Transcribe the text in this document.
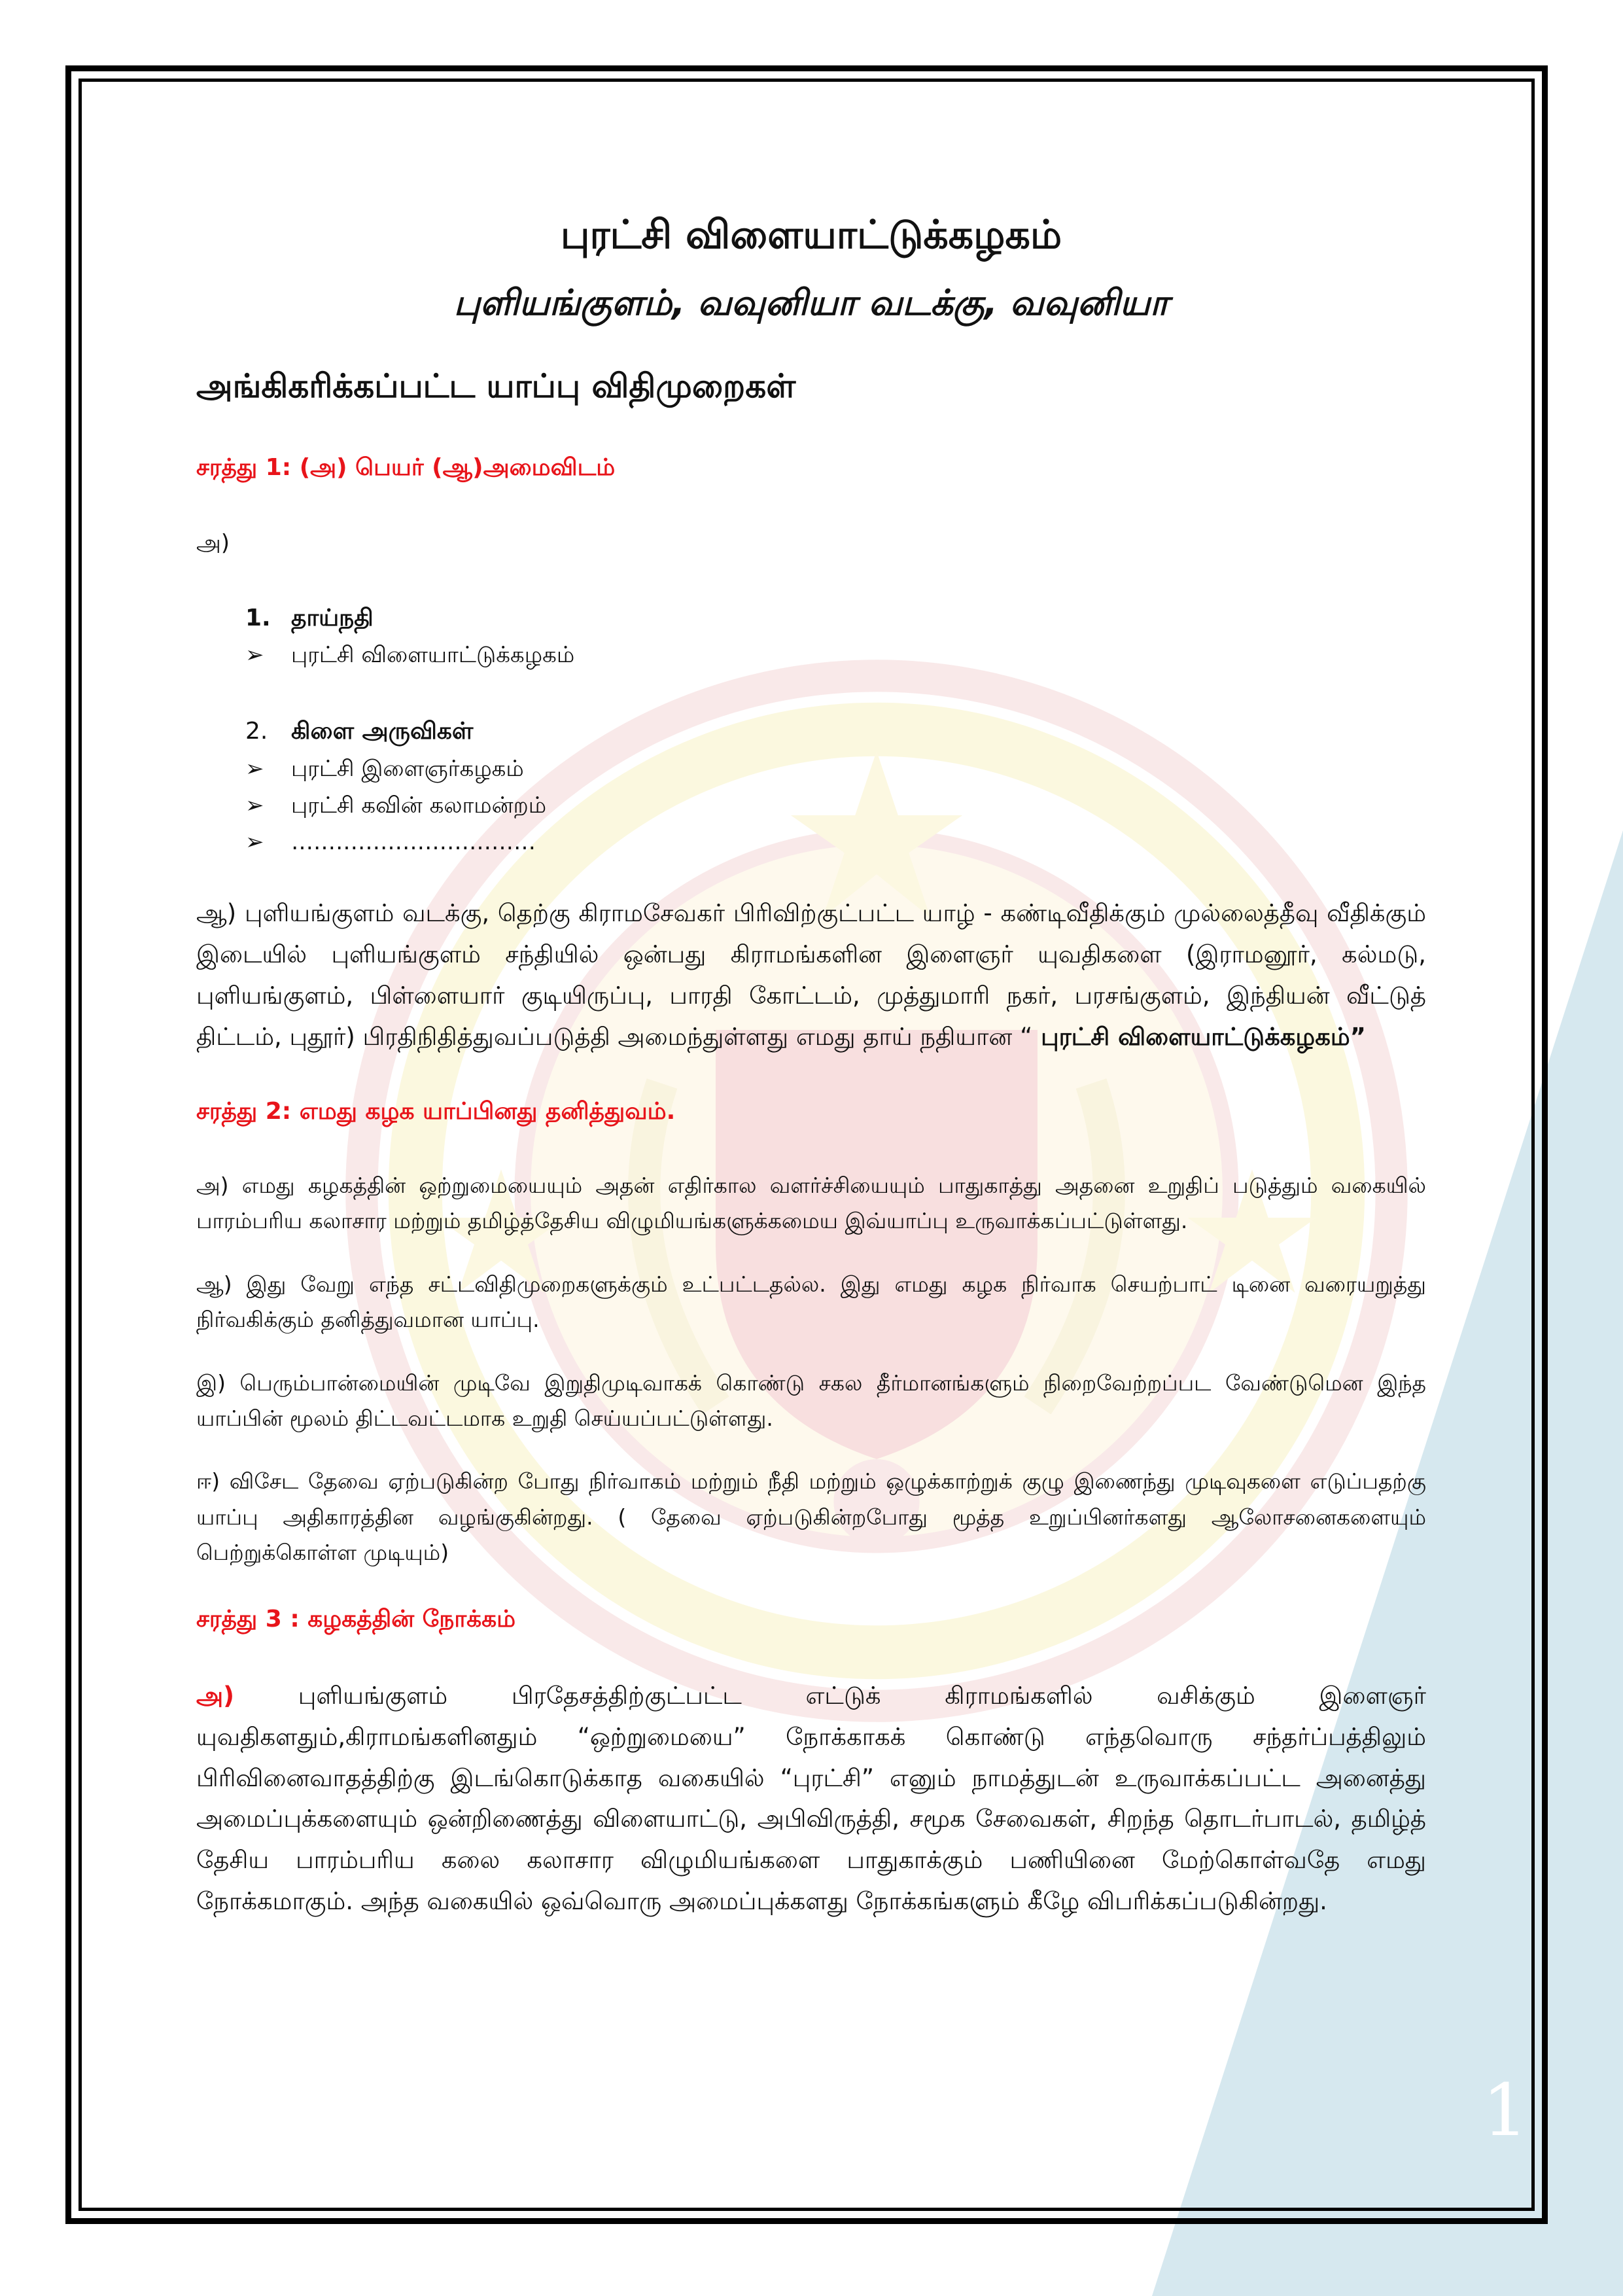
புரட்சி விளையாட்டுக்கழகம்
புளியங்குளம், வவுனியா வடக்கு, வவுனியா
அங்கிகரிக்கப்பட்ட யாப்பு விதிமுறைகள்
சரத்து 1: (அ) பெயர் (ஆ)அமைவிடம்
அ)
1. தாய்நதி
➢ புரட்சி விளையாட்டுக்கழகம்
2. கிளை அருவிகள்
➢ புரட்சி இளைஞர்கழகம்
➢ புரட்சி கவின் கலாமன்றம்
➢ ……………………………
ஆ) புளியங்குளம் வடக்கு, தெற்கு கிராமசேவகர் பிரிவிற்குட்பட்ட யாழ் - கண்டிவீதிக்கும் முல்லைத்தீவு வீதிக்கும் இடையில் புளியங்குளம் சந்தியில் ஒன்பது கிராமங்களின இளைஞர் யுவதிகளை (இராமனூர், கல்மடு, புளியங்குளம், பிள்ளையார் குடியிருப்பு, பாரதி கோட்டம், முத்துமாரி நகர், பரசங்குளம், இந்தியன் வீட்டுத் திட்டம், புதூர்) பிரதிநிதித்துவப்படுத்தி அமைந்துள்ளது எமது தாய் நதியான “ புரட்சி விளையாட்டுக்கழகம்”
சரத்து 2: எமது கழக யாப்பினது தனித்துவம்.
அ) எமது கழகத்தின் ஒற்றுமையையும் அதன் எதிர்கால வளர்ச்சியையும் பாதுகாத்து அதனை உறுதிப் படுத்தும் வகையில் பாரம்பரிய கலாசார மற்றும் தமிழ்த்தேசிய விழுமியங்களுக்கமைய இவ்யாப்பு உருவாக்கப்பட்டுள்ளது.
ஆ) இது வேறு எந்த சட்டவிதிமுறைகளுக்கும் உட்பட்டதல்ல. இது எமது கழக நிர்வாக செயற்பாட் டினை வரையறுத்து நிர்வகிக்கும் தனித்துவமான யாப்பு.
இ) பெரும்பான்மையின் முடிவே இறுதிமுடிவாகக் கொண்டு சகல தீர்மானங்களும் நிறைவேற்றப்பட வேண்டுமென இந்த யாப்பின் மூலம் திட்டவட்டமாக உறுதி செய்யப்பட்டுள்ளது.
ஈ) விசேட தேவை ஏற்படுகின்ற போது நிர்வாகம் மற்றும் நீதி மற்றும் ஒழுக்காற்றுக் குழு இணைந்து முடிவுகளை எடுப்பதற்கு யாப்பு அதிகாரத்தின வழங்குகின்றது. ( தேவை ஏற்படுகின்றபோது மூத்த உறுப்பினர்களது ஆலோசனைகளையும் பெற்றுக்கொள்ள முடியும்)
சரத்து 3 : கழகத்தின் நோக்கம்
அ) புளியங்குளம் பிரதேசத்திற்குட்பட்ட எட்டுக் கிராமங்களில் வசிக்கும் இளைஞர் யுவதிகளதும்,கிராமங்களினதும் “ஒற்றுமையை” நோக்காகக் கொண்டு எந்தவொரு சந்தர்ப்பத்திலும் பிரிவினைவாதத்திற்கு இடங்கொடுக்காத வகையில் “புரட்சி” எனும் நாமத்துடன் உருவாக்கப்பட்ட அனைத்து அமைப்புக்களையும் ஒன்றிணைத்து விளையாட்டு, அபிவிருத்தி, சமூக சேவைகள், சிறந்த தொடர்பாடல், தமிழ்த் தேசிய பாரம்பரிய கலை கலாசார விழுமியங்களை பாதுகாக்கும் பணியினை மேற்கொள்வதே எமது நோக்கமாகும். அந்த வகையில் ஒவ்வொரு அமைப்புக்களது நோக்கங்களும் கீழே விபரிக்கப்படுகின்றது.
1
